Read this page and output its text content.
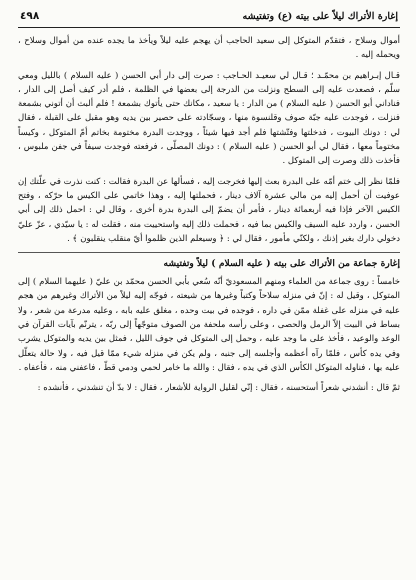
إغارة الأتراك ليلاً على بيته (ع) وتفتيشه
٤٩٨

أموال وسلاح ، فتقدّم المتوكل إلى سعيد الحاجب أن يهجم عليه ليلاً ويأخذ ما يجده عنده من أموال وسلاح ، ويحمله إليه .

قـال إبـراهيم بن محمّـد ؛ قـال لي سعيـد الحـاجب : صرت إلى دار أبي الحسن ( عليه السلام ) بالليل ومعي سلّم ، فصعدت عليه إلى السطح ونزلت من الدرجة إلى بعضها في الظلمة ، فلم أدر كيف أصل إلى الدار ، فناداني أبو الحسن ( عليه السلام ) من الدار : يا سعيد ، مكانك حتى يأتوك بشمعة ! فلم ألبث أن أتوني بشمعة فنزلت ، فوجدت عليه جبّة صوف وقلنسوة منها ، وسجّادته على حصير بين يديه وهو مقبل على القبلة ، فقال لي : دونك البيوت ، فدخلتها وفتّشتها فلم أجد فيها شيئاً ، ووجدت البدرة مختومة بخاتم أمّ المتوكل ، وكيساً مختوماً معها ، فقال لي أبو الحسن ( عليه السلام ) : دونك المصلّى ، فرفعته فوجدت سيفاً في جفن ملبوس ، فأخذت ذلك وصرت إلى المتوكل .

فلمّا نظر إلى ختم أمّه على البدرة بعث إليها فخرجت إليه ، فسألها عن البدرة فقالت : كنت نذرت في علّتك إن عوفيت أن أحمل إليه من مالي عشرة آلاف دينار ، فحملتها إليه ، وهذا خاتمي على الكيس ما حرّكه ، وفتح الكيس الآخر فإذا فيه أربعمائة دينار ، فأمر أن يضمّ إلى البدرة بدرة أخرى ، وقال لي : احمل ذلك إلى أبي الحسن ، واردد عليه السيف والكيس بما فيه ، فحملت ذلك إليه واستحييت منه ، فقلت له : يا سيّدي ، عزّ عليّ دخولي دارك بغير إذنك ، ولكنّي مأمور ، فقال لي : ﴿ وسيعلم الذين ظلموا أيّ منقلب ينقلبون ﴾ .

إغارة جماعة من الأتراك على بيته ( عليه السلام ) ليلاً وتفتيشه

خامساً : روى جماعة من العلماء ومنهم المسعوديّ أنّه سُعي بأبي الحسن محمّد بن عليّ ( عليهما السلام ) إلى المتوكل ، وقيل له : إنّ في منزله سلاحاً وكتباً وغيرها من شيعته ، فوجّه إليه ليلاً من الأتراك وغيرهم من هجم عليه في منزله على غفلة ممّن في داره ، فوجده في بيت وحده ، مغلق عليه بابه ، وعليه مدرعة من شعر ، ولا بساط في البيت إلاّ الرمل والحصى ، وعلى رأسه ملحفة من الصوف متوجّهاً إلى ربّه ، يترنّم بآيات القرآن في الوعد والوعيد ، فأخذ على ما وجد عليه ، وحمل إلى المتوكل في جوف الليل ، فمثل بين يديه والمتوكل يشرب وفي يده كأس ، فلمّا رآه أعظمه وأجلسه إلى جنبه ، ولم يكن في منزله شيء ممّا قيل فيه ، ولا حالة يتعلّل عليه بها ، فناوله المتوكل الكأس الذي في يده ، فقال : والله ما خامر لحمي ودمي قطّ ، فاعفني منه ، فأعفاه .

ثمّ قال : أنشدني شعراً أستحسنه ، فقال : إنّي لقليل الرواية للأشعار ، فقال : لا بدّ أن تنشدني ، فأنشده :
